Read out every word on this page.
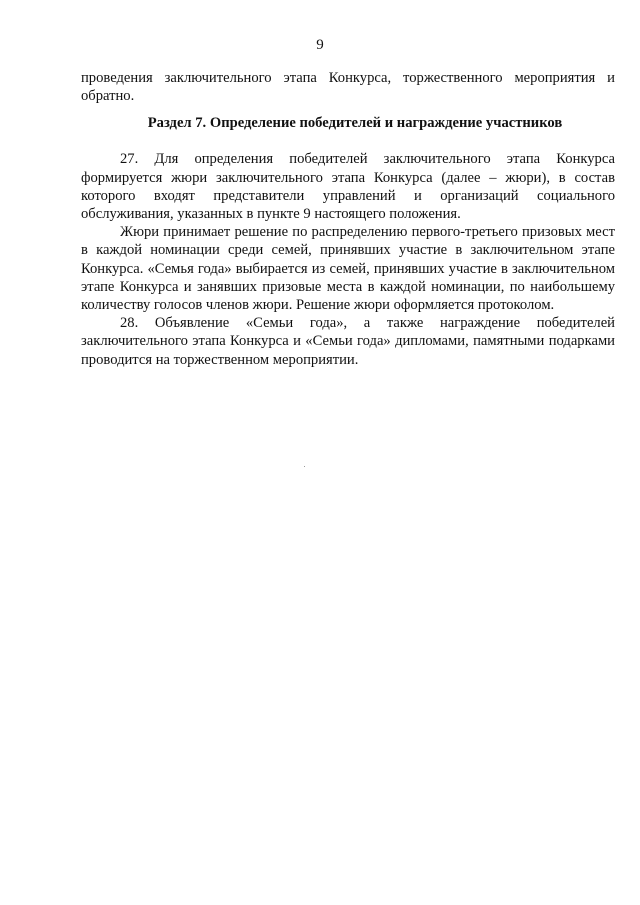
9

проведения заключительного этапа Конкурса, торжественного мероприятия и обратно.

Раздел 7. Определение победителей и награждение участников

27. Для определения победителей заключительного этапа Конкурса формируется жюри заключительного этапа Конкурса (далее – жюри), в состав которого входят представители управлений и организаций социального обслуживания, указанных в пункте 9 настоящего положения.

Жюри принимает решение по распределению первого-третьего призовых мест в каждой номинации среди семей, принявших участие в заключительном этапе Конкурса. «Семья года» выбирается из семей, принявших участие в заключительном этапе Конкурса и занявших призовые места в каждой номинации, по наибольшему количеству голосов членов жюри. Решение жюри оформляется протоколом.

28. Объявление «Семьи года», а также награждение победителей заключительного этапа Конкурса и «Семьи года» дипломами, памятными подарками проводится на торжественном мероприятии.
